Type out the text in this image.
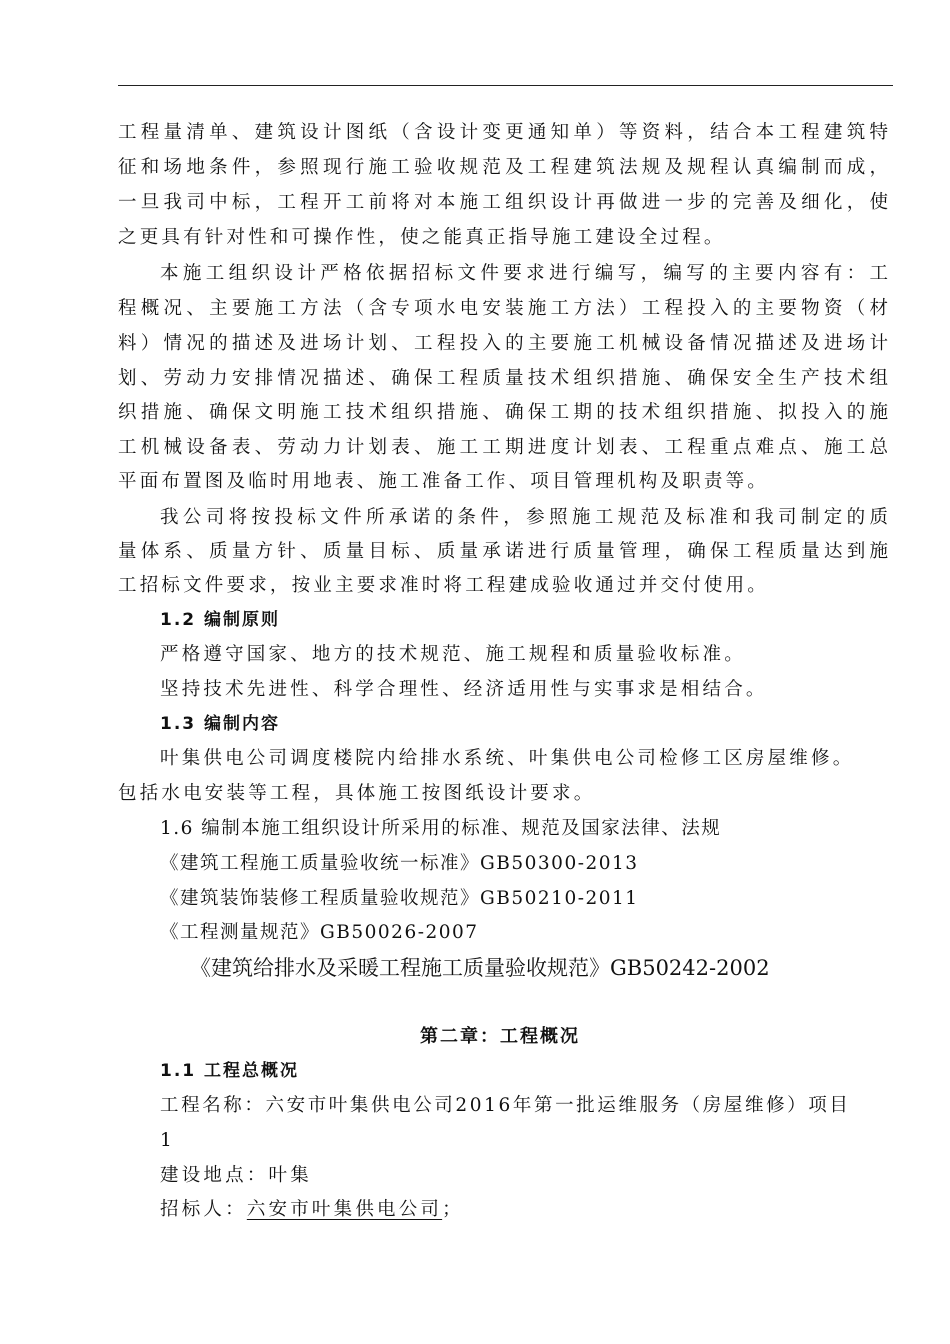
工程量清单、建筑设计图纸（含设计变更通知单）等资料，结合本工程建筑特
征和场地条件，参照现行施工验收规范及工程建筑法规及规程认真编制而成，
一旦我司中标，工程开工前将对本施工组织设计再做进一步的完善及细化，使
之更具有针对性和可操作性，使之能真正指导施工建设全过程。
本施工组织设计严格依据招标文件要求进行编写，编写的主要内容有：工
程概况、主要施工方法（含专项水电安装施工方法）工程投入的主要物资（材
料）情况的描述及进场计划、工程投入的主要施工机械设备情况描述及进场计
划、劳动力安排情况描述、确保工程质量技术组织措施、确保安全生产技术组
织措施、确保文明施工技术组织措施、确保工期的技术组织措施、拟投入的施
工机械设备表、劳动力计划表、施工工期进度计划表、工程重点难点、施工总
平面布置图及临时用地表、施工准备工作、项目管理机构及职责等。
我公司将按投标文件所承诺的条件，参照施工规范及标准和我司制定的质
量体系、质量方针、质量目标、质量承诺进行质量管理，确保工程质量达到施
工招标文件要求，按业主要求准时将工程建成验收通过并交付使用。
1.2 编制原则
严格遵守国家、地方的技术规范、施工规程和质量验收标准。
坚持技术先进性、科学合理性、经济适用性与实事求是相结合。
1.3 编制内容
叶集供电公司调度楼院内给排水系统、叶集供电公司检修工区房屋维修。
包括水电安装等工程，具体施工按图纸设计要求。
1.6 编制本施工组织设计所采用的标准、规范及国家法律、法规
《建筑工程施工质量验收统一标准》GB50300-2013
《建筑装饰装修工程质量验收规范》GB50210-2011
《工程测量规范》GB50026-2007
《建筑给排水及采暖工程施工质量验收规范》GB50242-2002
第二章：工程概况
1.1 工程总概况
工程名称：六安市叶集供电公司2016年第一批运维服务（房屋维修）项目
1
建设地点：叶集
招标人：六安市叶集供电公司；
